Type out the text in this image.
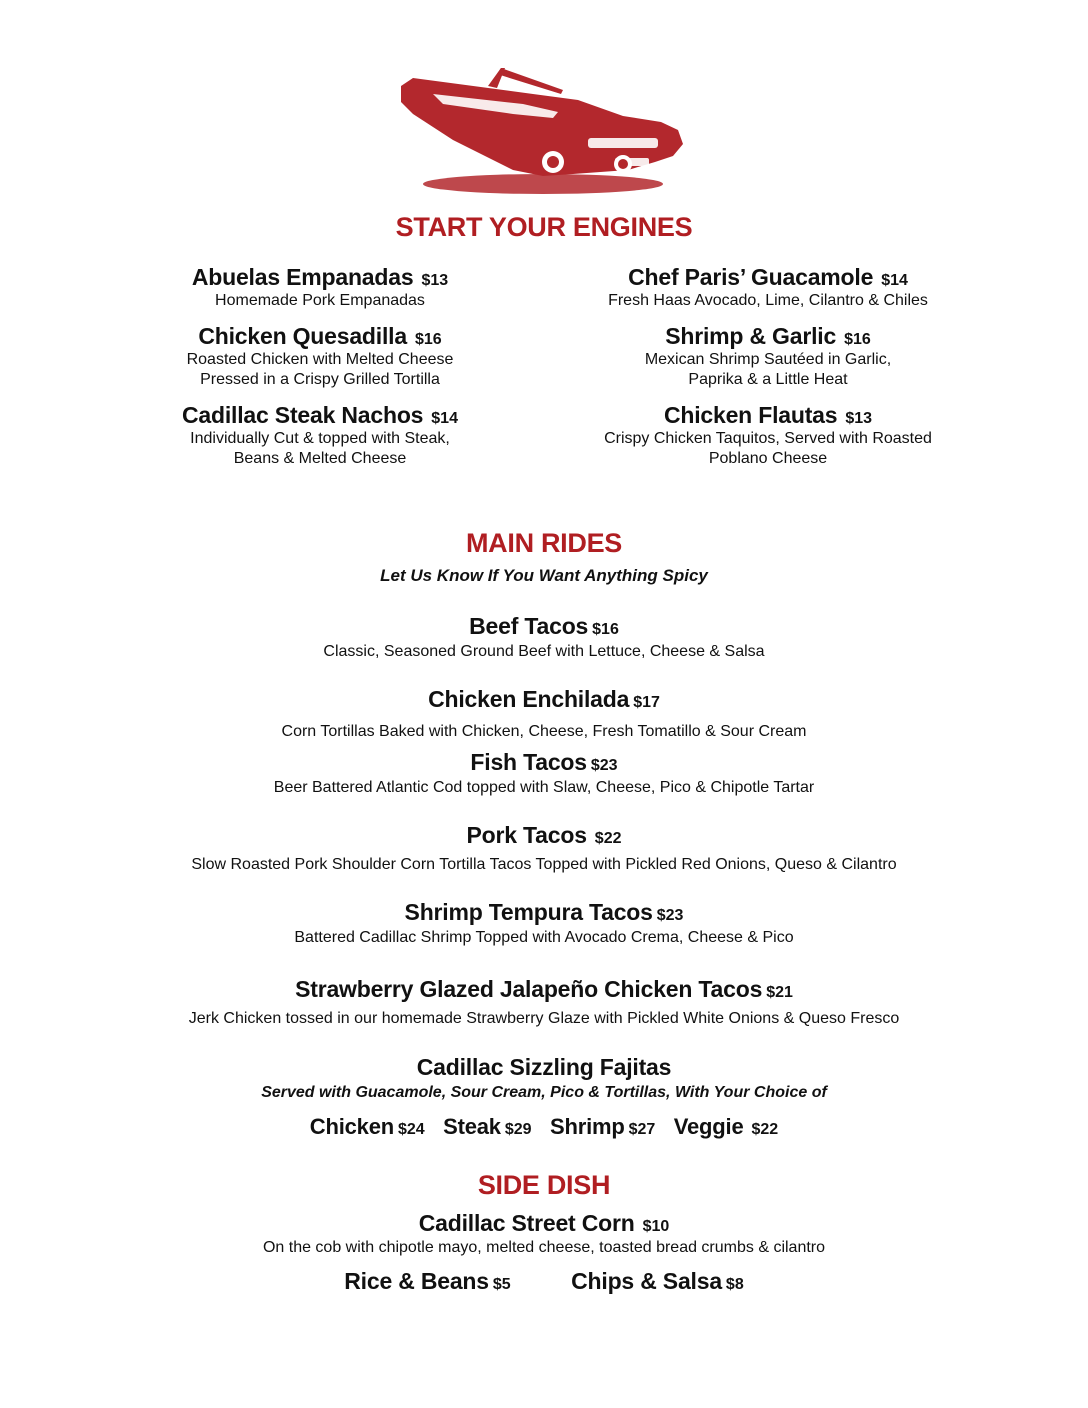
START YOUR ENGINES
Abuelas Empanadas $13
Homemade Pork Empanadas
Chicken Quesadilla $16
Roasted Chicken with Melted Cheese
Pressed in a Crispy Grilled Tortilla
Cadillac Steak Nachos $14
Individually Cut & topped with Steak,
Beans & Melted Cheese
Chef Paris’ Guacamole $14
Fresh Haas Avocado, Lime, Cilantro & Chiles
Shrimp & Garlic $16
Mexican Shrimp Sautéed in Garlic,
Paprika & a Little Heat
Chicken Flautas $13
Crispy Chicken Taquitos, Served with Roasted
Poblano Cheese
MAIN RIDES
Let Us Know If You Want Anything Spicy
Beef Tacos $16
Classic, Seasoned Ground Beef with Lettuce, Cheese & Salsa
Chicken Enchilada $17
Corn Tortillas Baked with Chicken, Cheese, Fresh Tomatillo & Sour Cream
Fish Tacos $23
Beer Battered Atlantic Cod topped with Slaw, Cheese, Pico & Chipotle Tartar
Pork Tacos $22
Slow Roasted Pork Shoulder Corn Tortilla Tacos Topped with Pickled Red Onions, Queso & Cilantro
Shrimp Tempura Tacos $23
Battered Cadillac Shrimp Topped with Avocado Crema, Cheese & Pico
Strawberry Glazed Jalapeño Chicken Tacos $21
Jerk Chicken tossed in our homemade Strawberry Glaze with Pickled White Onions & Queso Fresco
Cadillac Sizzling Fajitas
Served with Guacamole, Sour Cream, Pico & Tortillas, With Your Choice of
Chicken $24 Steak $29 Shrimp $27 Veggie $22
SIDE DISH
Cadillac Street Corn $10
On the cob with chipotle mayo, melted cheese, toasted bread crumbs & cilantro
Rice & Beans $5	Chips & Salsa $8
